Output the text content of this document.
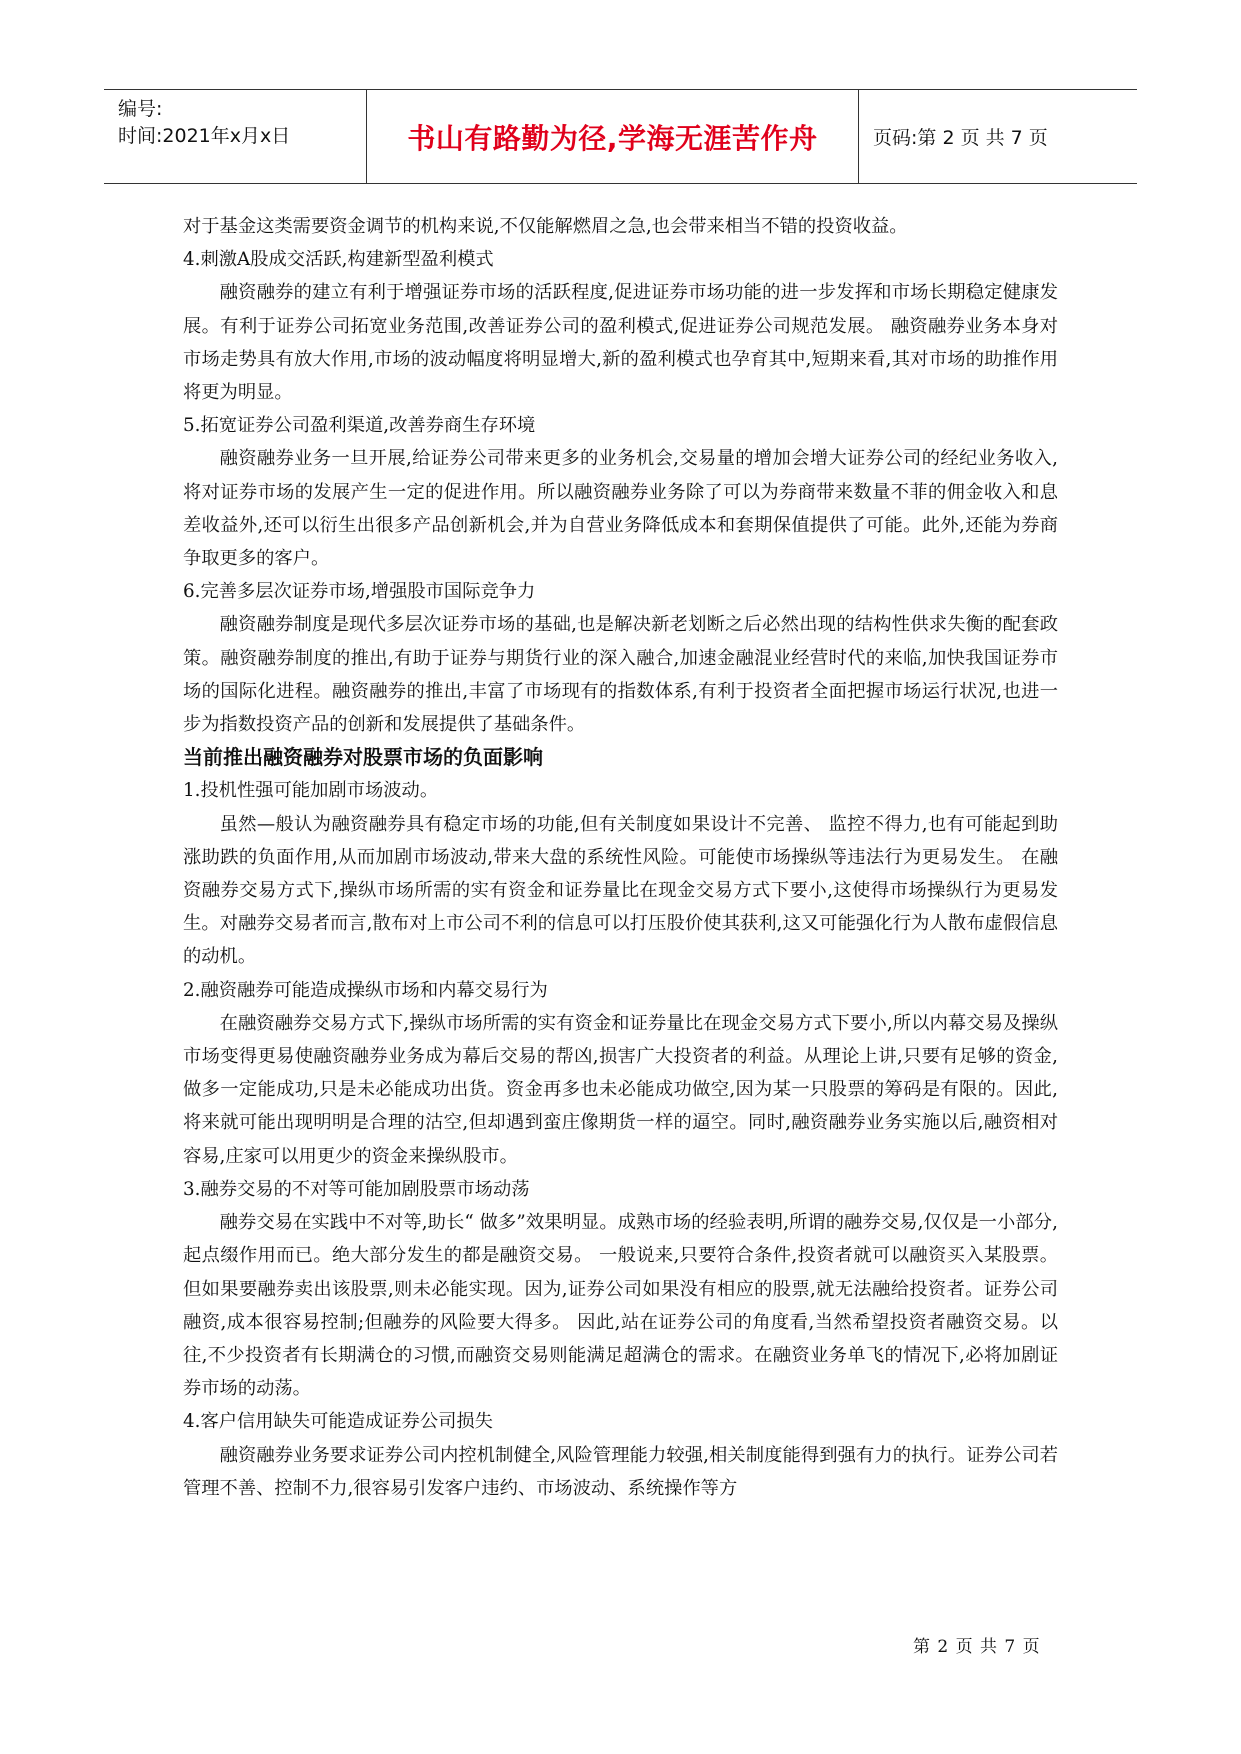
编号:
时间:2021年x月x日	书山有路勤为径,学海无涯苦作舟	页码:第 2 页 共 7 页

对于基金这类需要资金调节的机构来说,不仅能解燃眉之急,也会带来相当不错的投资收益。

4.刺激A股成交活跃,构建新型盈利模式

融资融券的建立有利于增强证券市场的活跃程度,促进证券市场功能的进一步发挥和市场长期稳定健康发展。有利于证券公司拓宽业务范围,改善证券公司的盈利模式,促进证券公司规范发展。 融资融券业务本身对市场走势具有放大作用,市场的波动幅度将明显增大,新的盈利模式也孕育其中,短期来看,其对市场的助推作用将更为明显。

5.拓宽证券公司盈利渠道,改善券商生存环境

融资融券业务一旦开展,给证券公司带来更多的业务机会,交易量的增加会增大证券公司的经纪业务收入,将对证券市场的发展产生一定的促进作用。所以融资融券业务除了可以为券商带来数量不菲的佣金收入和息差收益外,还可以衍生出很多产品创新机会,并为自营业务降低成本和套期保值提供了可能。此外,还能为券商争取更多的客户。

6.完善多层次证券市场,增强股市国际竞争力

融资融券制度是现代多层次证券市场的基础,也是解决新老划断之后必然出现的结构性供求失衡的配套政策。融资融券制度的推出,有助于证券与期货行业的深入融合,加速金融混业经营时代的来临,加快我国证券市场的国际化进程。融资融券的推出,丰富了市场现有的指数体系,有利于投资者全面把握市场运行状况,也进一步为指数投资产品的创新和发展提供了基础条件。

当前推出融资融券对股票市场的负面影响

1.投机性强可能加剧市场波动。

虽然—般认为融资融券具有稳定市场的功能,但有关制度如果设计不完善、 监控不得力,也有可能起到助涨助跌的负面作用,从而加剧市场波动,带来大盘的系统性风险。可能使市场操纵等违法行为更易发生。 在融资融券交易方式下,操纵市场所需的实有资金和证券量比在现金交易方式下要小,这使得市场操纵行为更易发生。对融券交易者而言,散布对上市公司不利的信息可以打压股价使其获利,这又可能强化行为人散布虚假信息的动机。

2.融资融券可能造成操纵市场和内幕交易行为

在融资融券交易方式下,操纵市场所需的实有资金和证券量比在现金交易方式下要小,所以内幕交易及操纵市场变得更易使融资融券业务成为幕后交易的帮凶,损害广大投资者的利益。从理论上讲,只要有足够的资金,做多一定能成功,只是未必能成功出货。资金再多也未必能成功做空,因为某一只股票的筹码是有限的。因此,将来就可能出现明明是合理的沽空,但却遇到蛮庄像期货一样的逼空。同时,融资融券业务实施以后,融资相对容易,庄家可以用更少的资金来操纵股市。

3.融券交易的不对等可能加剧股票市场动荡

融券交易在实践中不对等,助长“ 做多”效果明显。成熟市场的经验表明,所谓的融券交易,仅仅是一小部分,起点缀作用而已。绝大部分发生的都是融资交易。 一般说来,只要符合条件,投资者就可以融资买入某股票。但如果要融券卖出该股票,则未必能实现。因为,证券公司如果没有相应的股票,就无法融给投资者。证券公司融资,成本很容易控制;但融券的风险要大得多。 因此,站在证券公司的角度看,当然希望投资者融资交易。以往,不少投资者有长期满仓的习惯,而融资交易则能满足超满仓的需求。在融资业务单飞的情况下,必将加剧证券市场的动荡。

4.客户信用缺失可能造成证券公司损失

融资融券业务要求证券公司内控机制健全,风险管理能力较强,相关制度能得到强有力的执行。证券公司若管理不善、控制不力,很容易引发客户违约、市场波动、系统操作等方

第 2 页 共 7 页
